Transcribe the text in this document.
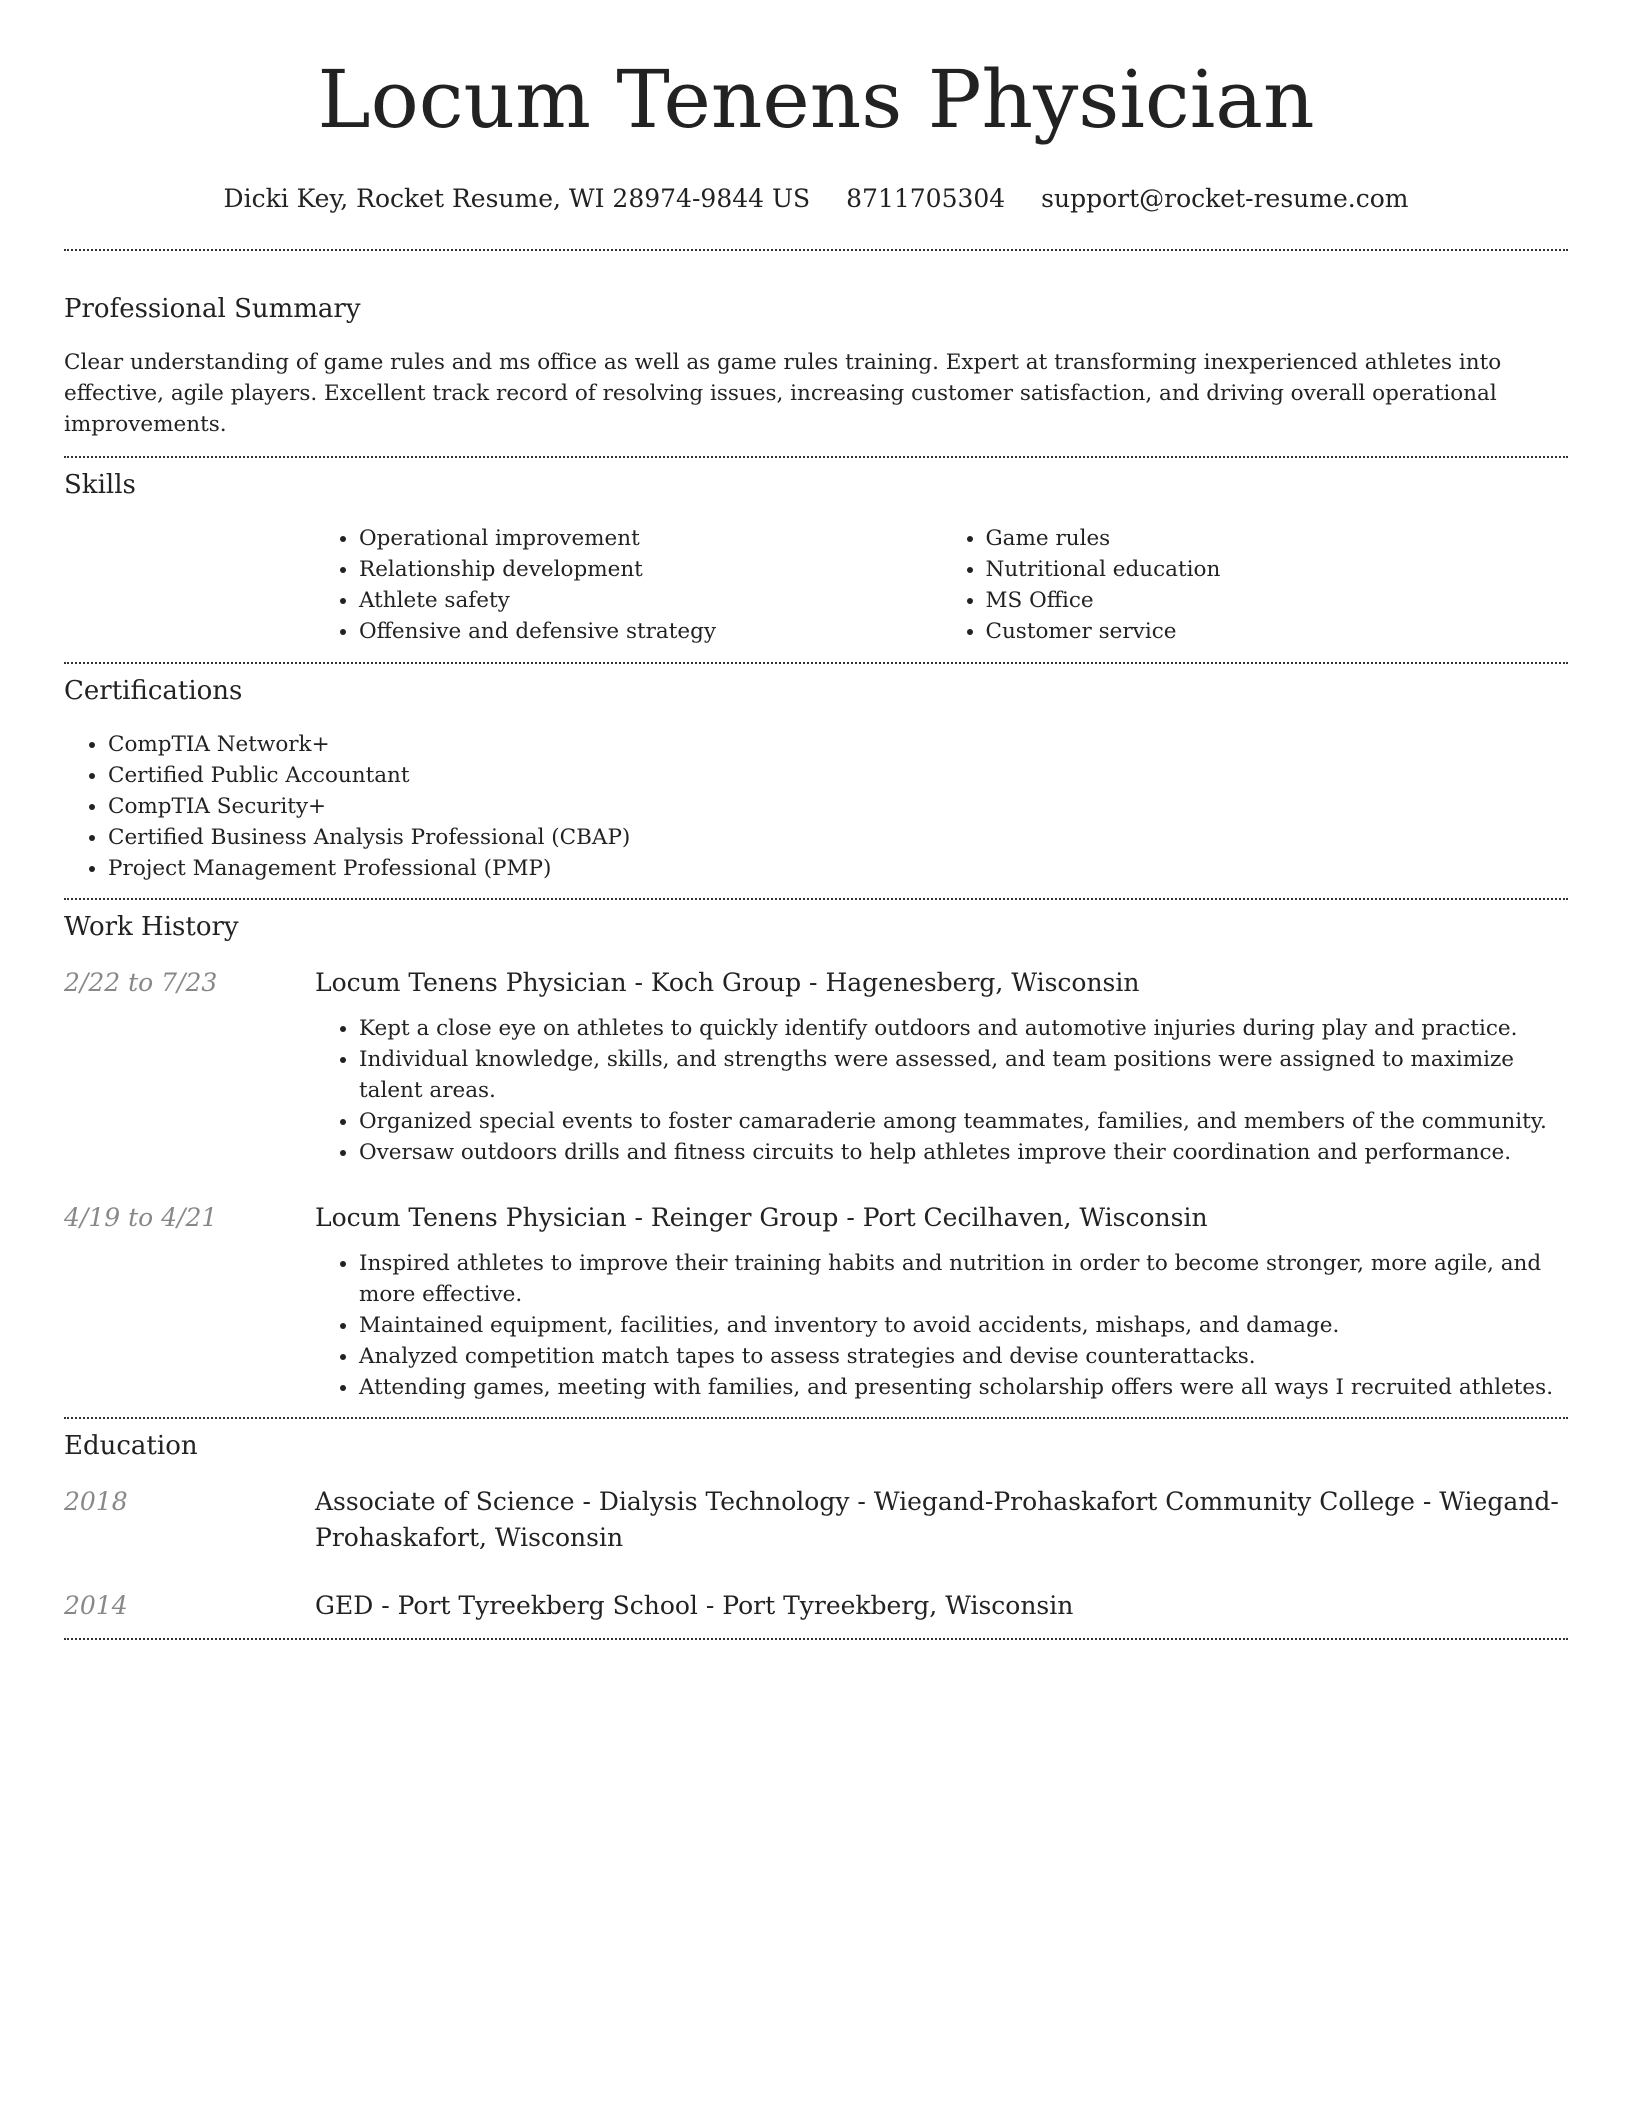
Locum Tenens Physician
Dicki Key, Rocket Resume, WI 28974-9844 US 8711705304 support@rocket-resume.com
Professional Summary

Clear understanding of game rules and ms office as well as game rules training. Expert at transforming inexperienced athletes into effective, agile players. Excellent track record of resolving issues, increasing customer satisfaction, and driving overall operational improvements.

Skills
• Operational improvement
• Relationship development
• Athlete safety
• Offensive and defensive strategy
• Game rules
• Nutritional education
• MS Office
• Customer service
Certifications
• CompTIA Network+
• Certified Public Accountant
• CompTIA Security+
• Certified Business Analysis Professional (CBAP)
• Project Management Professional (PMP)
Work History
2/22 to 7/23	Locum Tenens Physician - Koch Group - Hagenesberg, Wisconsin

• Kept a close eye on athletes to quickly identify outdoors and automotive injuries during play and practice.
• Individual knowledge, skills, and strengths were assessed, and team positions were assigned to maximize talent areas.
• Organized special events to foster camaraderie among teammates, families, and members of the community.
• Oversaw outdoors drills and fitness circuits to help athletes improve their coordination and performance.
4/19 to 4/21	Locum Tenens Physician - Reinger Group - Port Cecilhaven, Wisconsin

• Inspired athletes to improve their training habits and nutrition in order to become stronger, more agile, and more effective.
• Maintained equipment, facilities, and inventory to avoid accidents, mishaps, and damage.
• Analyzed competition match tapes to assess strategies and devise counterattacks.
• Attending games, meeting with families, and presenting scholarship offers were all ways I recruited athletes.
Education
2018	Associate of Science - Dialysis Technology - Wiegand-Prohaskafort Community College - Wiegand-Prohaskafort, Wisconsin

2014	GED - Port Tyreekberg School - Port Tyreekberg, Wisconsin
